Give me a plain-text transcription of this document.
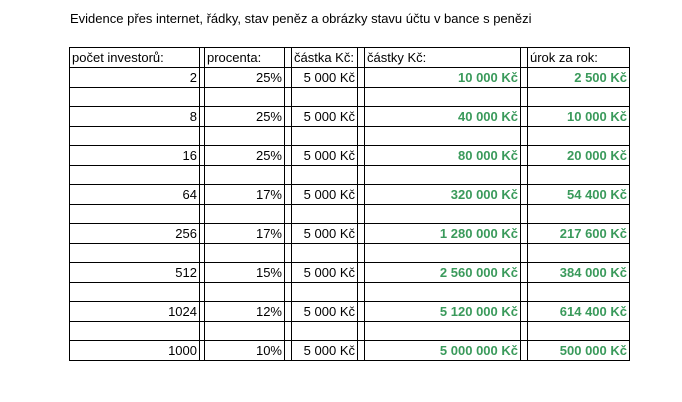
Evidence přes internet, řádky, stav peněz a obrázky stavu účtu v bance s penězi
počet investorů:		procenta:		částka Kč:		částky Kč:		úrok za rok:
2		25%		5 000 Kč		10 000 Kč		2 500 Kč

8		25%		5 000 Kč		40 000 Kč		10 000 Kč

16		25%		5 000 Kč		80 000 Kč		20 000 Kč

64		17%		5 000 Kč		320 000 Kč		54 400 Kč

256		17%		5 000 Kč		1 280 000 Kč		217 600 Kč

512		15%		5 000 Kč		2 560 000 Kč		384 000 Kč

1024		12%		5 000 Kč		5 120 000 Kč		614 400 Kč

1000		10%		5 000 Kč		5 000 000 Kč		500 000 Kč
